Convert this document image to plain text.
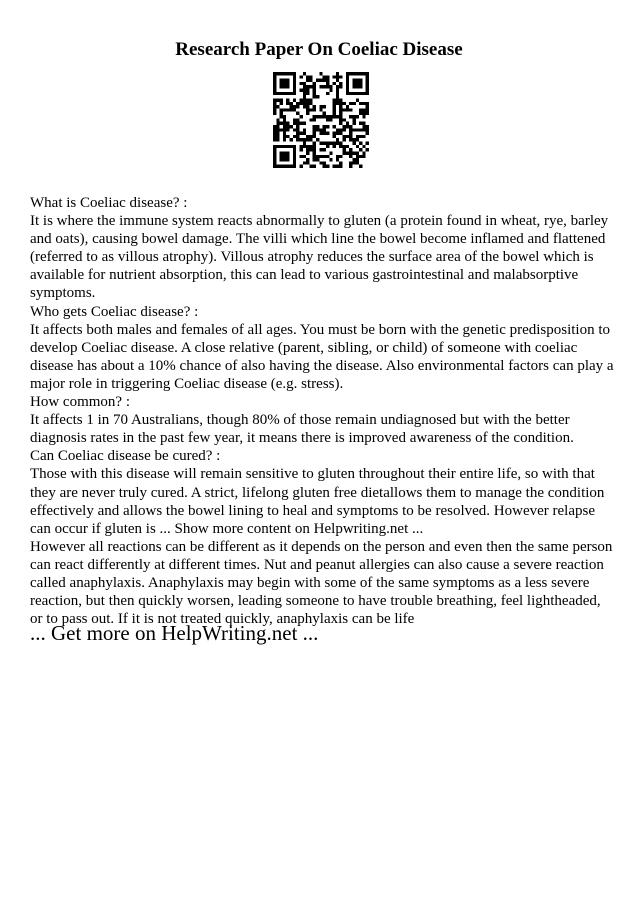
Research Paper On Coeliac Disease

What is Coeliac disease? :

It is where the immune system reacts abnormally to gluten (a protein found in wheat, rye, barley and oats), causing bowel damage. The villi which line the bowel become inflamed and flattened (referred to as villous atrophy). Villous atrophy reduces the surface area of the bowel which is available for nutrient absorption, this can lead to various gastrointestinal and malabsorptive symptoms.

Who gets Coeliac disease? :

It affects both males and females of all ages. You must be born with the genetic predisposition to develop Coeliac disease. A close relative (parent, sibling, or child) of someone with coeliac disease has about a 10% chance of also having the disease. Also environmental factors can play a major role in triggering Coeliac disease (e.g. stress).

How common? :

It affects 1 in 70 Australians, though 80% of those remain undiagnosed but with the better diagnosis rates in the past few year, it means there is improved awareness of the condition.

Can Coeliac disease be cured? :

Those with this disease will remain sensitive to gluten throughout their entire life, so with that they are never truly cured. A strict, lifelong gluten free dietallows them to manage the condition effectively and allows the bowel lining to heal and symptoms to be resolved. However relapse can occur if gluten is ... Show more content on Helpwriting.net ...

However all reactions can be different as it depends on the person and even then the same person can react differently at different times. Nut and peanut allergies can also cause a severe reaction called anaphylaxis. Anaphylaxis may begin with some of the same symptoms as a less severe reaction, but then quickly worsen, leading someone to have trouble breathing, feel lightheaded, or to pass out. If it is not treated quickly, anaphylaxis can be life

... Get more on HelpWriting.net ...
